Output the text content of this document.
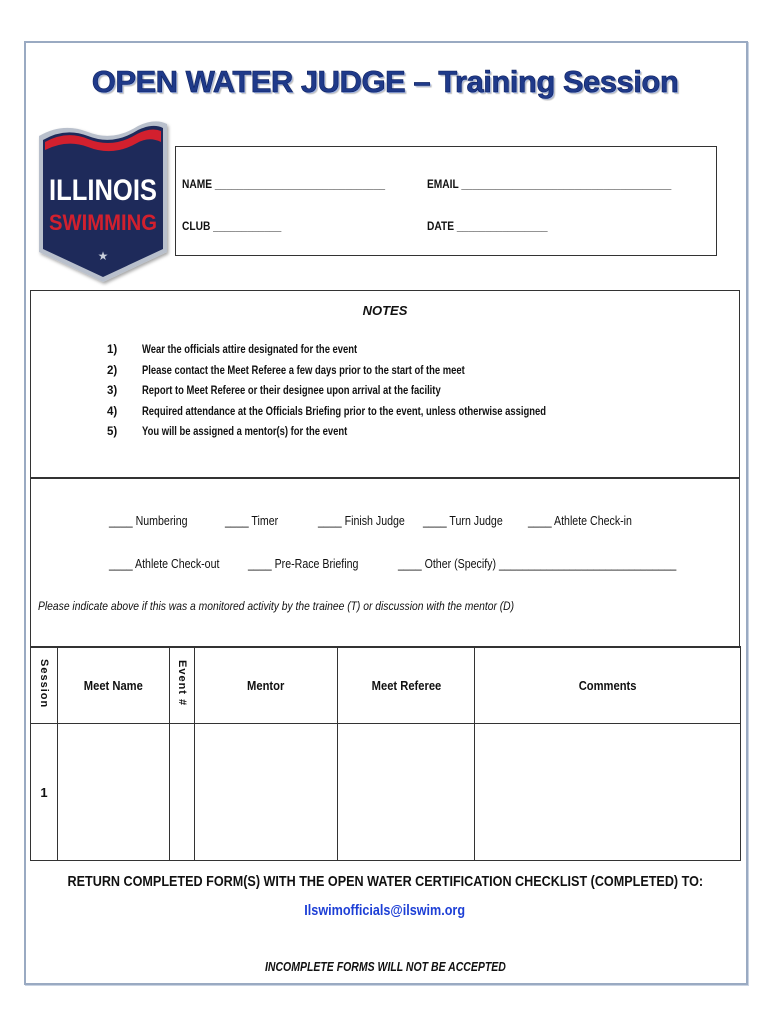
OPEN WATER JUDGE – Training Session
ILLINOIS
SWIMMING
★
NAME ______________________________	EMAIL _____________________________________
CLUB ____________	DATE ________________
NOTES
1) Wear the officials attire designated for the event
2) Please contact the Meet Referee a few days prior to the start of the meet
3) Report to Meet Referee or their designee upon arrival at the facility
4) Required attendance at the Officials Briefing prior to the event, unless otherwise assigned
5) You will be assigned a mentor(s) for the event
____ Numbering	____ Timer	____ Finish Judge ____ Turn Judge ____ Athlete Check-in
____ Athlete Check-out ____ Pre-Race Briefing	____ Other (Specify) ______________________________
Please indicate above if this was a monitored activity by the trainee (T) or discussion with the mentor (D)
Session	Meet Name	Event #	Mentor	Meet Referee	Comments
1					
RETURN COMPLETED FORM(S) WITH THE OPEN WATER CERTIFICATION CHECKLIST (COMPLETED) TO:
Ilswimofficials@ilswim.org
INCOMPLETE FORMS WILL NOT BE ACCEPTED
